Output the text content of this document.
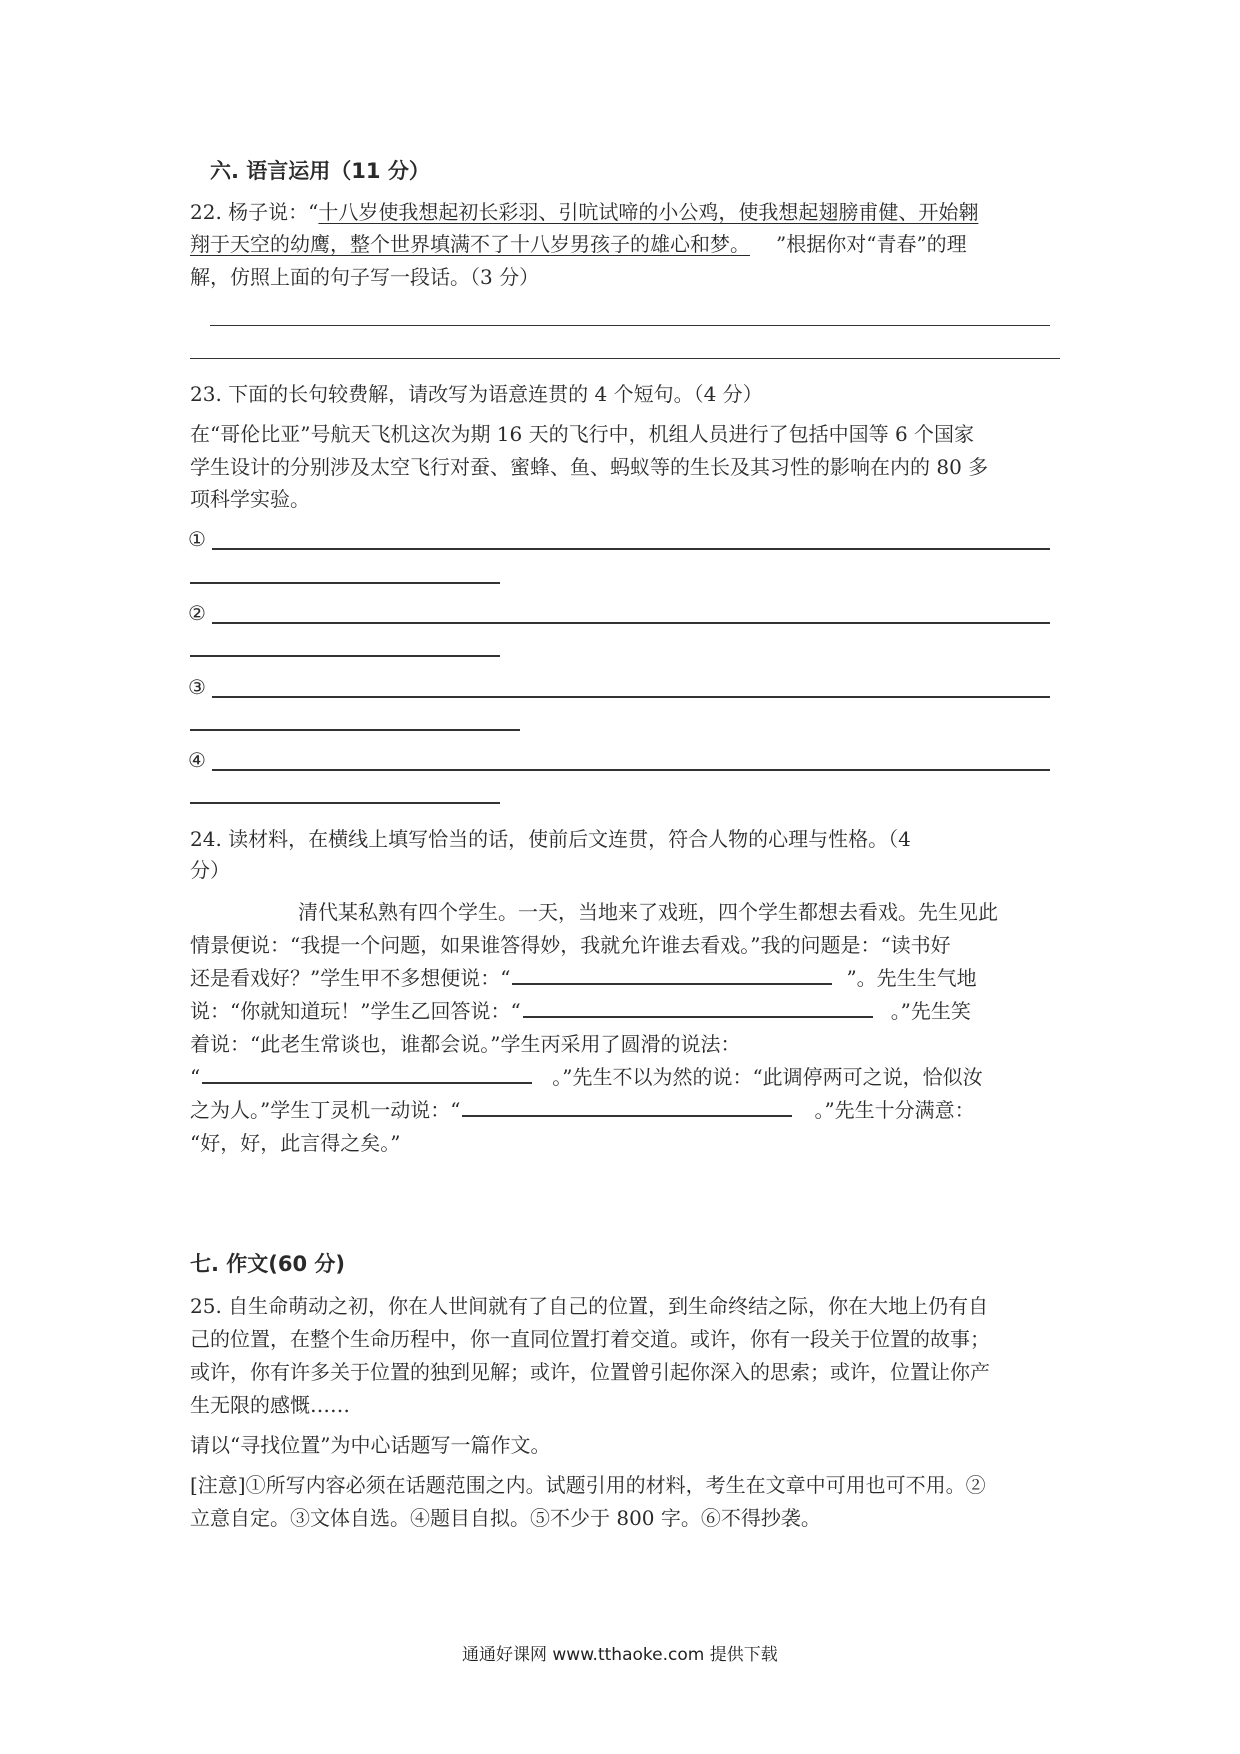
六. 语言运用（11 分）
22. 杨子说：“十八岁使我想起初长彩羽、引吭试啼的小公鸡，使我想起翅膀甫健、开始翱
翔于天空的幼鹰，整个世界填满不了十八岁男孩子的雄心和梦。 ”根据你对“青春”的理
解，仿照上面的句子写一段话。（3 分）
23. 下面的长句较费解，请改写为语意连贯的 4 个短句。（4 分）
在“哥伦比亚”号航天飞机这次为期 16 天的飞行中，机组人员进行了包括中国等 6 个国家
学生设计的分别涉及太空飞行对蚕、蜜蜂、鱼、蚂蚁等的生长及其习性的影响在内的 80 多
项科学实验。
①
②
③
④
24. 读材料，在横线上填写恰当的话，使前后文连贯，符合人物的心理与性格。（4
分）
清代某私熟有四个学生。一天，当地来了戏班，四个学生都想去看戏。先生见此
情景便说：“我提一个问题，如果谁答得妙，我就允许谁去看戏。”我的问题是：“读书好
还是看戏好？”学生甲不多想便说：“	”。先生生气地
说：“你就知道玩！”学生乙回答说：“	。”先生笑
着说：“此老生常谈也，谁都会说。”学生丙采用了圆滑的说法：
“	。”先生不以为然的说：“此调停两可之说，恰似汝
之为人。”学生丁灵机一动说：“	。”先生十分满意：
“好，好，此言得之矣。”
七. 作文(60 分)
25. 自生命萌动之初，你在人世间就有了自己的位置，到生命终结之际，你在大地上仍有自
己的位置，在整个生命历程中，你一直同位置打着交道。或许，你有一段关于位置的故事；
或许，你有许多关于位置的独到见解；或许，位置曾引起你深入的思索；或许，位置让你产
生无限的感慨……
请以“寻找位置”为中心话题写一篇作文。
[注意]①所写内容必须在话题范围之内。试题引用的材料，考生在文章中可用也可不用。②
立意自定。③文体自选。④题目自拟。⑤不少于 800 字。⑥不得抄袭。
通通好课网 www.tthaoke.com 提供下载
